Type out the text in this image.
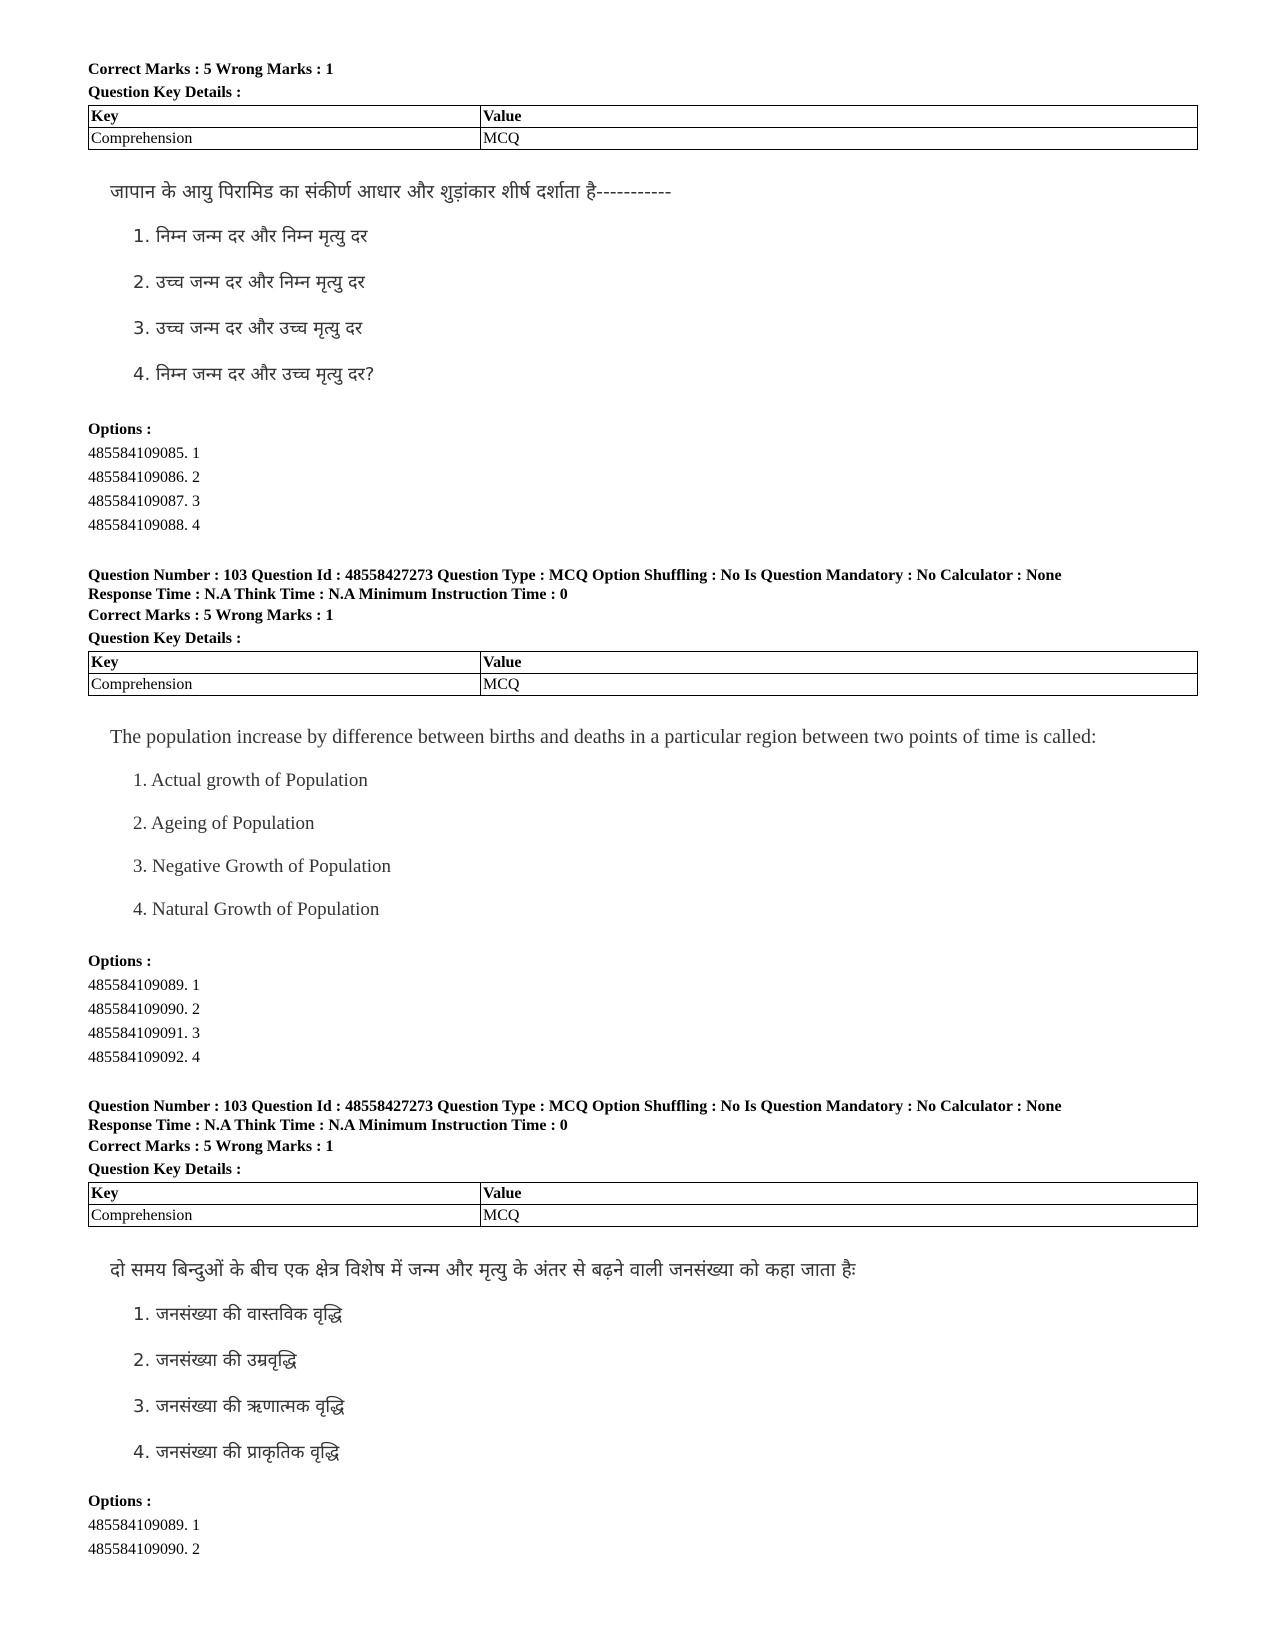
Correct Marks : 5 Wrong Marks : 1
Question Key Details :
Key	Value
Comprehension	MCQ
जापान के आयु पिरामिड का संकीर्ण आधार और शुड़ांकार शीर्ष दर्शाता है-----------
1. निम्न जन्म दर और निम्न मृत्यु दर
2. उच्च जन्म दर और निम्न मृत्यु दर
3. उच्च जन्म दर और उच्च मृत्यु दर
4. निम्न जन्म दर और उच्च मृत्यु दर?
Options :
485584109085. 1
485584109086. 2
485584109087. 3
485584109088. 4
Question Number : 103 Question Id : 48558427273 Question Type : MCQ Option Shuffling : No Is Question Mandatory : No Calculator : None
Response Time : N.A Think Time : N.A Minimum Instruction Time : 0
Correct Marks : 5 Wrong Marks : 1
Question Key Details :
Key	Value
Comprehension	MCQ
The population increase by difference between births and deaths in a particular region between two points of time is called:
1. Actual growth of Population
2. Ageing of Population
3. Negative Growth of Population
4. Natural Growth of Population
Options :
485584109089. 1
485584109090. 2
485584109091. 3
485584109092. 4
Question Number : 103 Question Id : 48558427273 Question Type : MCQ Option Shuffling : No Is Question Mandatory : No Calculator : None
Response Time : N.A Think Time : N.A Minimum Instruction Time : 0
Correct Marks : 5 Wrong Marks : 1
Question Key Details :
Key	Value
Comprehension	MCQ
दो समय बिन्दुओं के बीच एक क्षेत्र विशेष में जन्म और मृत्यु के अंतर से बढ़ने वाली जनसंख्या को कहा जाता हैः
1. जनसंख्या की वास्तविक वृद्धि
2. जनसंख्या की उम्रवृद्धि
3. जनसंख्या की ऋणात्मक वृद्धि
4. जनसंख्या की प्राकृतिक वृद्धि
Options :
485584109089. 1
485584109090. 2
